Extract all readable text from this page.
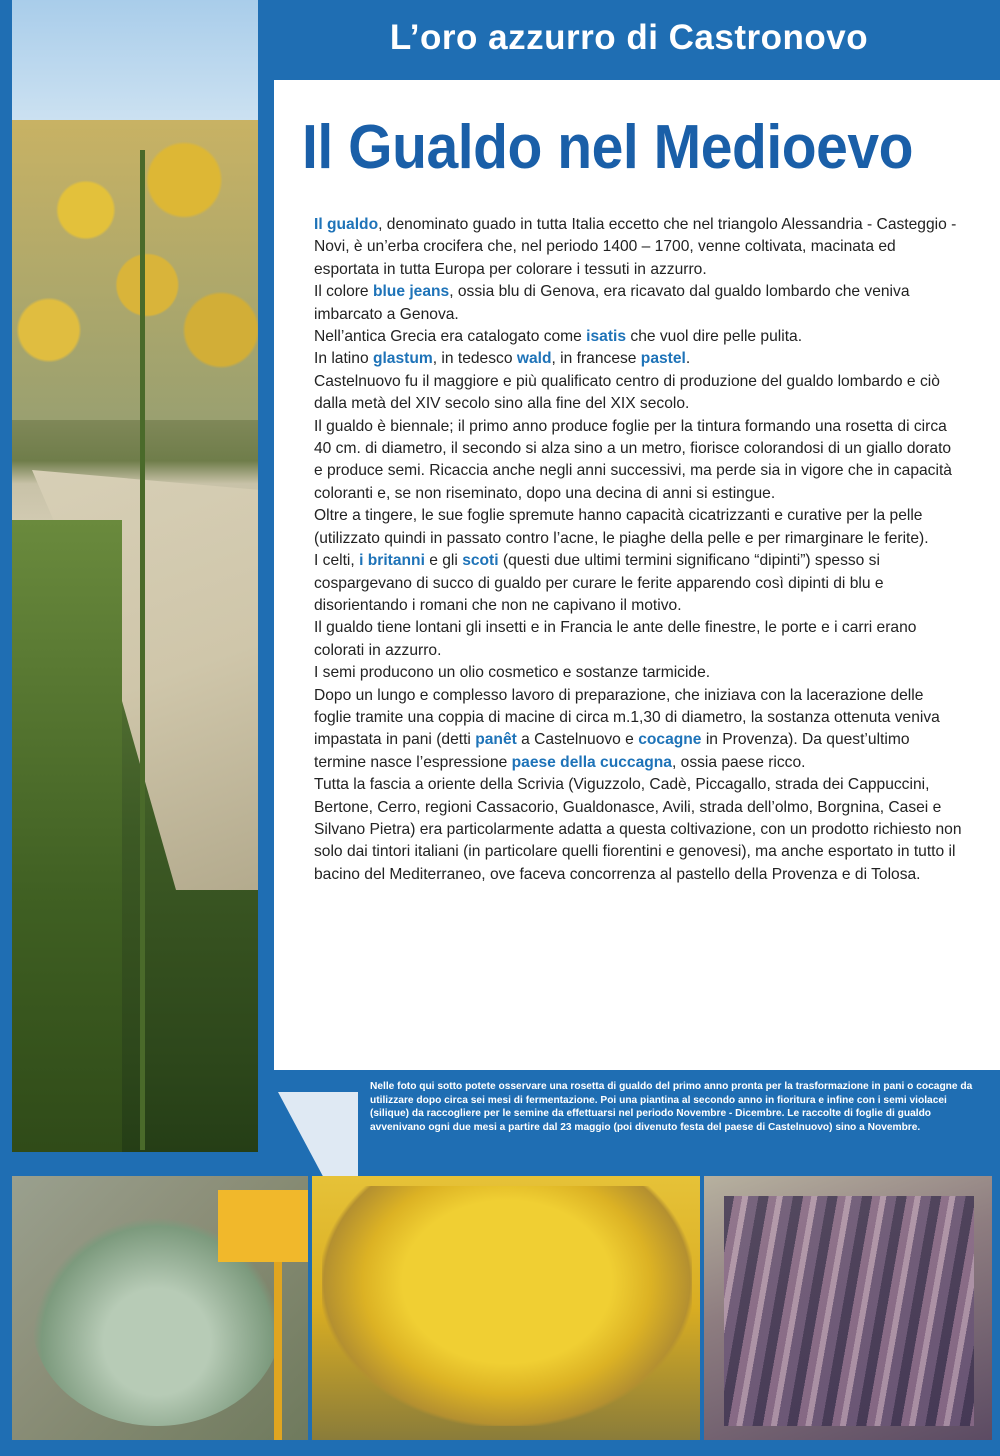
L’oro azzurro di Castronovo
Il Gualdo nel Medioevo

Il gualdo, denominato guado in tutta Italia eccetto che nel triangolo Alessandria - Casteggio - Novi, è un’erba crocifera che, nel periodo 1400 – 1700, venne coltivata, macinata ed esportata in tutta Europa per colorare i tessuti in azzurro.

Il colore blue jeans, ossia blu di Genova, era ricavato dal gualdo lombardo che veniva imbarcato a Genova.

Nell’antica Grecia era catalogato come isatis che vuol dire pelle pulita.

In latino glastum, in tedesco wald, in francese pastel.

Castelnuovo fu il maggiore e più qualificato centro di produzione del gualdo lombardo e ciò dalla metà del XIV secolo sino alla fine del XIX secolo.

Il gualdo è biennale; il primo anno produce foglie per la tintura formando una rosetta di circa 40 cm. di diametro, il secondo si alza sino a un metro, fiorisce colorandosi di un giallo dorato e produce semi. Ricaccia anche negli anni successivi, ma perde sia in vigore che in capacità coloranti e, se non riseminato, dopo una decina di anni si estingue.

Oltre a tingere, le sue foglie spremute hanno capacità cicatrizzanti e curative per la pelle (utilizzato quindi in passato contro l’acne, le piaghe della pelle e per rimarginare le ferite).

I celti, i britanni e gli scoti (questi due ultimi termini significano “dipinti”) spesso si cospargevano di succo di gualdo per curare le ferite apparendo così dipinti di blu e disorientando i romani che non ne capivano il motivo.

Il gualdo tiene lontani gli insetti e in Francia le ante delle finestre, le porte e i carri erano colorati in azzurro.

I semi producono un olio cosmetico e sostanze tarmicide.

Dopo un lungo e complesso lavoro di preparazione, che iniziava con la lacerazione delle foglie tramite una coppia di macine di circa m.1,30 di diametro, la sostanza ottenuta veniva impastata in pani (detti panêt a Castelnuovo e cocagne in Provenza). Da quest’ultimo termine nasce l’espressione paese della cuccagna, ossia paese ricco.

Tutta la fascia a oriente della Scrivia (Viguzzolo, Cadè, Piccagallo, strada dei Cappuccini, Bertone, Cerro, regioni Cassacorio, Gualdonasce, Avili, strada dell’olmo, Borgnina, Casei e Silvano Pietra) era particolarmente adatta a questa coltivazione, con un prodotto richiesto non solo dai tintori italiani (in particolare quelli fiorentini e genovesi), ma anche esportato in tutto il bacino del Mediterraneo, ove faceva concorrenza al pastello della Provenza e di Tolosa.

Nelle foto qui sotto potete osservare una rosetta di gualdo del primo anno pronta per la trasformazione in pani o cocagne da utilizzare dopo circa sei mesi di fermentazione. Poi una piantina al secondo anno in fioritura e infine con i semi violacei (silique) da raccogliere per le semine da effettuarsi nel periodo Novembre - Dicembre. Le raccolte di foglie di gualdo avvenivano ogni due mesi a partire dal 23 maggio (poi divenuto festa del paese di Castelnuovo) sino a Novembre.
